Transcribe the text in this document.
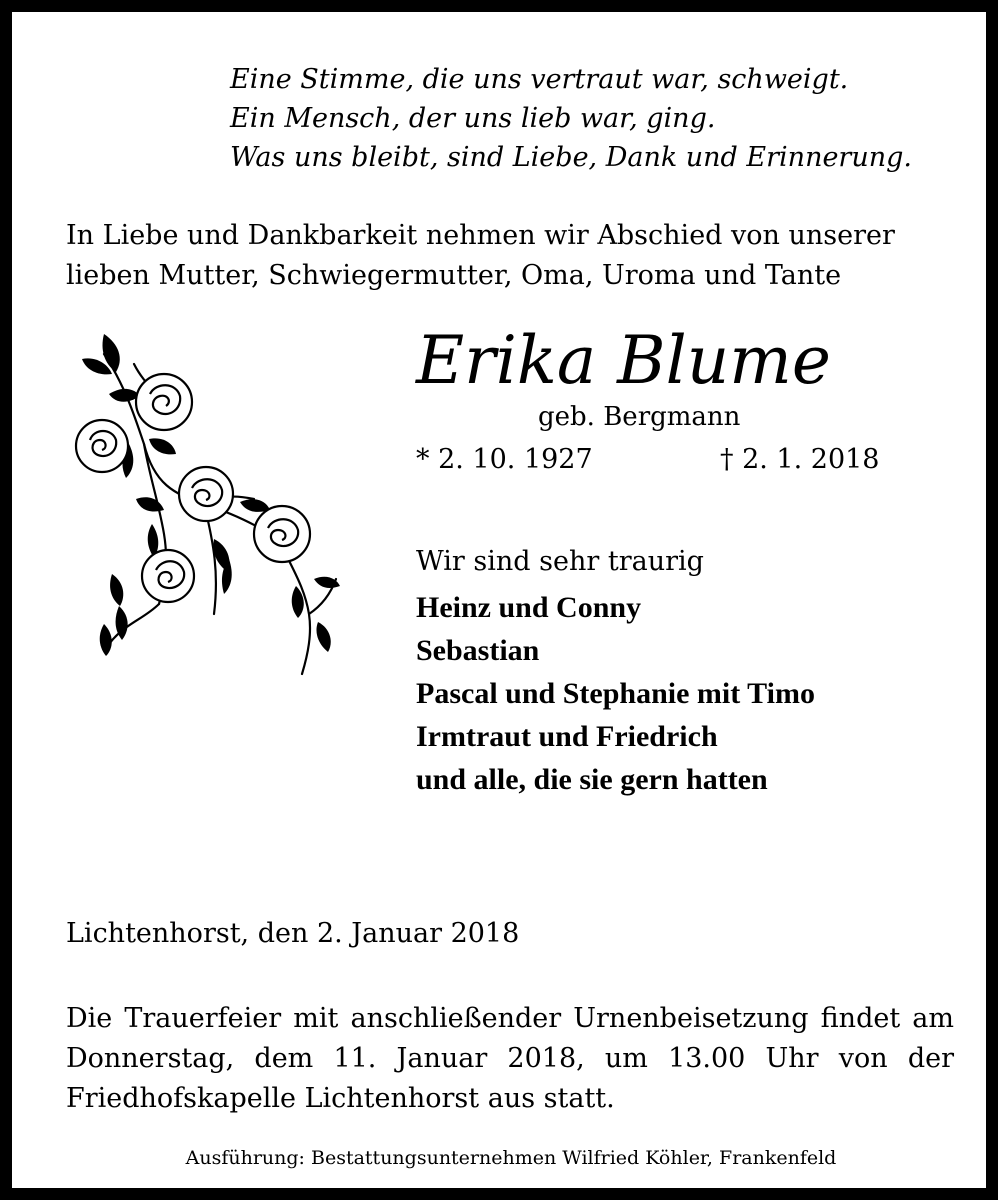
Eine Stimme, die uns vertraut war, schweigt.
Ein Mensch, der uns lieb war, ging.
Was uns bleibt, sind Liebe, Dank und Erinnerung.
In Liebe und Dankbarkeit nehmen wir Abschied von unserer
lieben Mutter, Schwiegermutter, Oma, Uroma und Tante
Erika Blume
geb. Bergmann
* 2. 10. 1927	† 2. 1. 2018
Wir sind sehr traurig
Heinz und Conny
Sebastian
Pascal und Stephanie mit Timo
Irmtraut und Friedrich
und alle, die sie gern hatten
Lichtenhorst, den 2. Januar 2018
Die Trauerfeier mit anschließender Urnenbeisetzung findet am Donnerstag, dem 11. Januar 2018, um 13.00 Uhr von der Friedhofskapelle Lichtenhorst aus statt.
Ausführung: Bestattungsunternehmen Wilfried Köhler, Frankenfeld
